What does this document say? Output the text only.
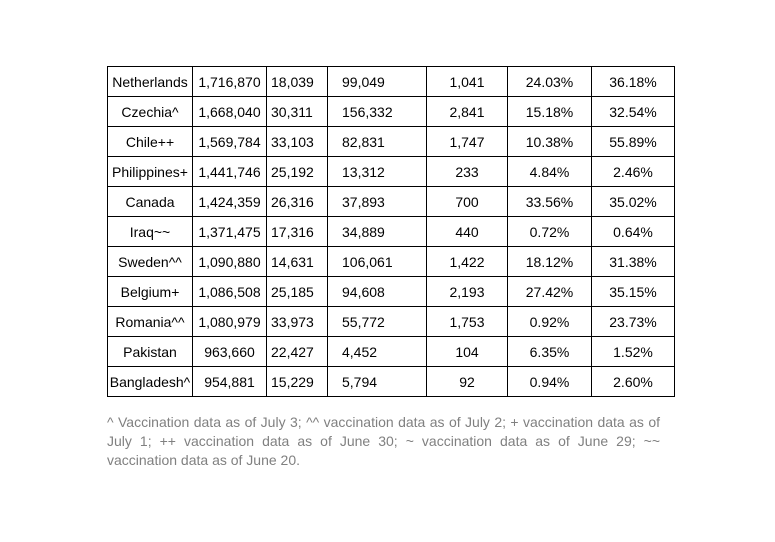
Netherlands	1,716,870	18,039	99,049	1,041	24.03%	36.18%
Czechia^	1,668,040	30,311	156,332	2,841	15.18%	32.54%
Chile++	1,569,784	33,103	82,831	1,747	10.38%	55.89%
Philippines+	1,441,746	25,192	13,312	233	4.84%	2.46%
Canada	1,424,359	26,316	37,893	700	33.56%	35.02%
Iraq~~	1,371,475	17,316	34,889	440	0.72%	0.64%
Sweden^^	1,090,880	14,631	106,061	1,422	18.12%	31.38%
Belgium+	1,086,508	25,185	94,608	2,193	27.42%	35.15%
Romania^^	1,080,979	33,973	55,772	1,753	0.92%	23.73%
Pakistan	963,660	22,427	4,452	104	6.35%	1.52%
Bangladesh^	954,881	15,229	5,794	92	0.94%	2.60%

^ Vaccination data as of July 3; ^^ vaccination data as of July 2; + vaccination data as of July 1; ++ vaccination data as of June 30; ~ vaccination data as of June 29; ~~ vaccination data as of June 20.
